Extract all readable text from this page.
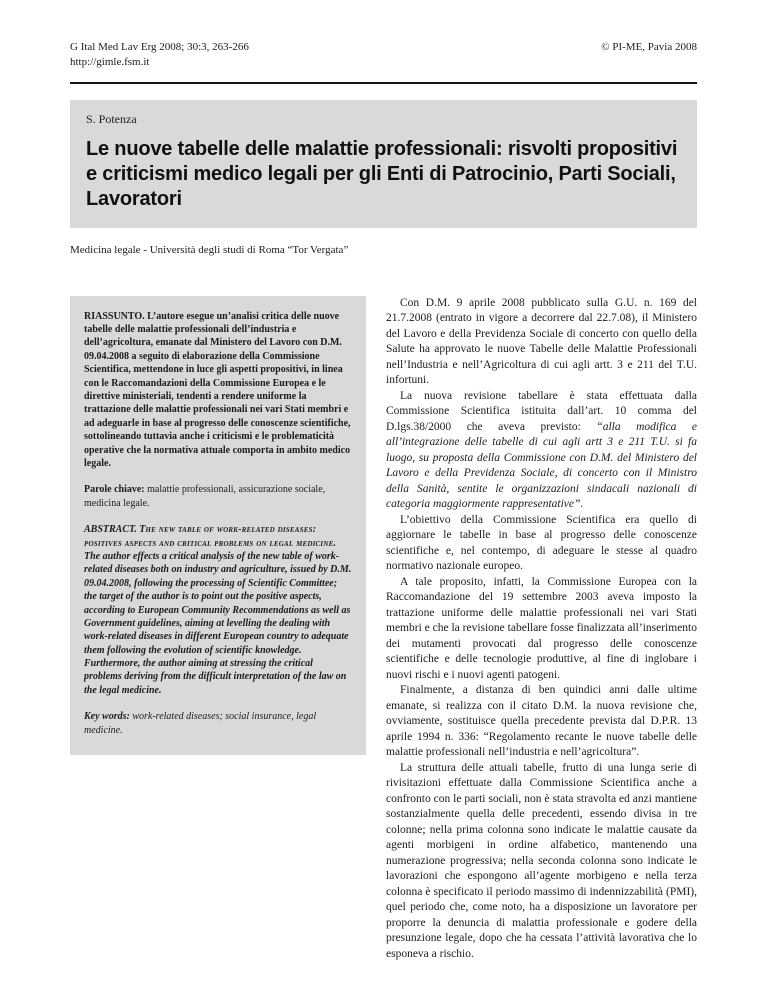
G Ital Med Lav Erg 2008; 30:3, 263-266
http://gimle.fsm.it
© PI-ME, Pavia 2008
S. Potenza
Le nuove tabelle delle malattie professionali: risvolti propositivi e criticismi medico legali per gli Enti di Patrocinio, Parti Sociali, Lavoratori
Medicina legale - Università degli studi di Roma “Tor Vergata”
RIASSUNTO. L’autore esegue un’analisi critica delle nuove tabelle delle malattie professionali dell’industria e dell’agricoltura, emanate dal Ministero del Lavoro con D.M. 09.04.2008 a seguito di elaborazione della Commissione Scientifica, mettendone in luce gli aspetti propositivi, in linea con le Raccomandazioni della Commissione Europea e le direttive ministeriali, tendenti a rendere uniforme la trattazione delle malattie professionali nei vari Stati membri e ad adeguarle in base al progresso delle conoscenze scientifiche, sottolineando tuttavia anche i criticismi e le problematicità operative che la normativa attuale comporta in ambito medico legale.
Parole chiave: malattie professionali, assicurazione sociale, medicina legale.
ABSTRACT. The new table of work-related diseases: positives aspects and critical problems on legal medicine. The author effects a critical analysis of the new table of work-related diseases both on industry and agriculture, issued by D.M. 09.04.2008, following the processing of Scientific Committee; the target of the author is to point out the positive aspects, according to European Community Recommendations as well as Government guidelines, aiming at levelling the dealing with work-related diseases in different European country to adequate them following the evolution of scientific knowledge. Furthermore, the author aiming at stressing the critical problems deriving from the difficult interpretation of the law on the legal medicine.
Key words: work-related diseases; social insurance, legal medicine.

Con D.M. 9 aprile 2008 pubblicato sulla G.U. n. 169 del 21.7.2008 (entrato in vigore a decorrere dal 22.7.08), il Ministero del Lavoro e della Previdenza Sociale di concerto con quello della Salute ha approvato le nuove Tabelle delle Malattie Professionali nell’Industria e nell’Agricoltura di cui agli artt. 3 e 211 del T.U. infortuni.

La nuova revisione tabellare è stata effettuata dalla Commissione Scientifica istituita dall’art. 10 comma del D.lgs.38/2000 che aveva previsto: “alla modifica e all’integrazione delle tabelle di cui agli artt 3 e 211 T.U. si fa luogo, su proposta della Commissione con D.M. del Ministero del Lavoro e della Previdenza Sociale, di concerto con il Ministro della Sanità, sentite le organizzazioni sindacali nazionali di categoria maggiormente rappresentative”.

L’obiettivo della Commissione Scientifica era quello di aggiornare le tabelle in base al progresso delle conoscenze scientifiche e, nel contempo, di adeguare le stesse al quadro normativo nazionale europeo.

A tale proposito, infatti, la Commissione Europea con la Raccomandazione del 19 settembre 2003 aveva imposto la trattazione uniforme delle malattie professionali nei vari Stati membri e che la revisione tabellare fosse finalizzata all’inserimento dei mutamenti provocati dal progresso delle conoscenze scientifiche e delle tecnologie produttive, al fine di inglobare i nuovi rischi e i nuovi agenti patogeni.

Finalmente, a distanza di ben quindici anni dalle ultime emanate, si realizza con il citato D.M. la nuova revisione che, ovviamente, sostituisce quella precedente prevista dal D.P.R. 13 aprile 1994 n. 336: “Regolamento recante le nuove tabelle delle malattie professionali nell’industria e nell’agricoltura”.

La struttura delle attuali tabelle, frutto di una lunga serie di rivisitazioni effettuate dalla Commissione Scientifica anche a confronto con le parti sociali, non è stata stravolta ed anzi mantiene sostanzialmente quella delle precedenti, essendo divisa in tre colonne; nella prima colonna sono indicate le malattie causate da agenti morbigeni in ordine alfabetico, mantenendo una numerazione progressiva; nella seconda colonna sono indicate le lavorazioni che espongono all’agente morbigeno e nella terza colonna è specificato il periodo massimo di indennizzabilità (PMI), quel periodo che, come noto, ha a disposizione un lavoratore per proporre la denuncia di malattia professionale e godere della presunzione legale, dopo che ha cessata l’attività lavorativa che lo esponeva a rischio.
